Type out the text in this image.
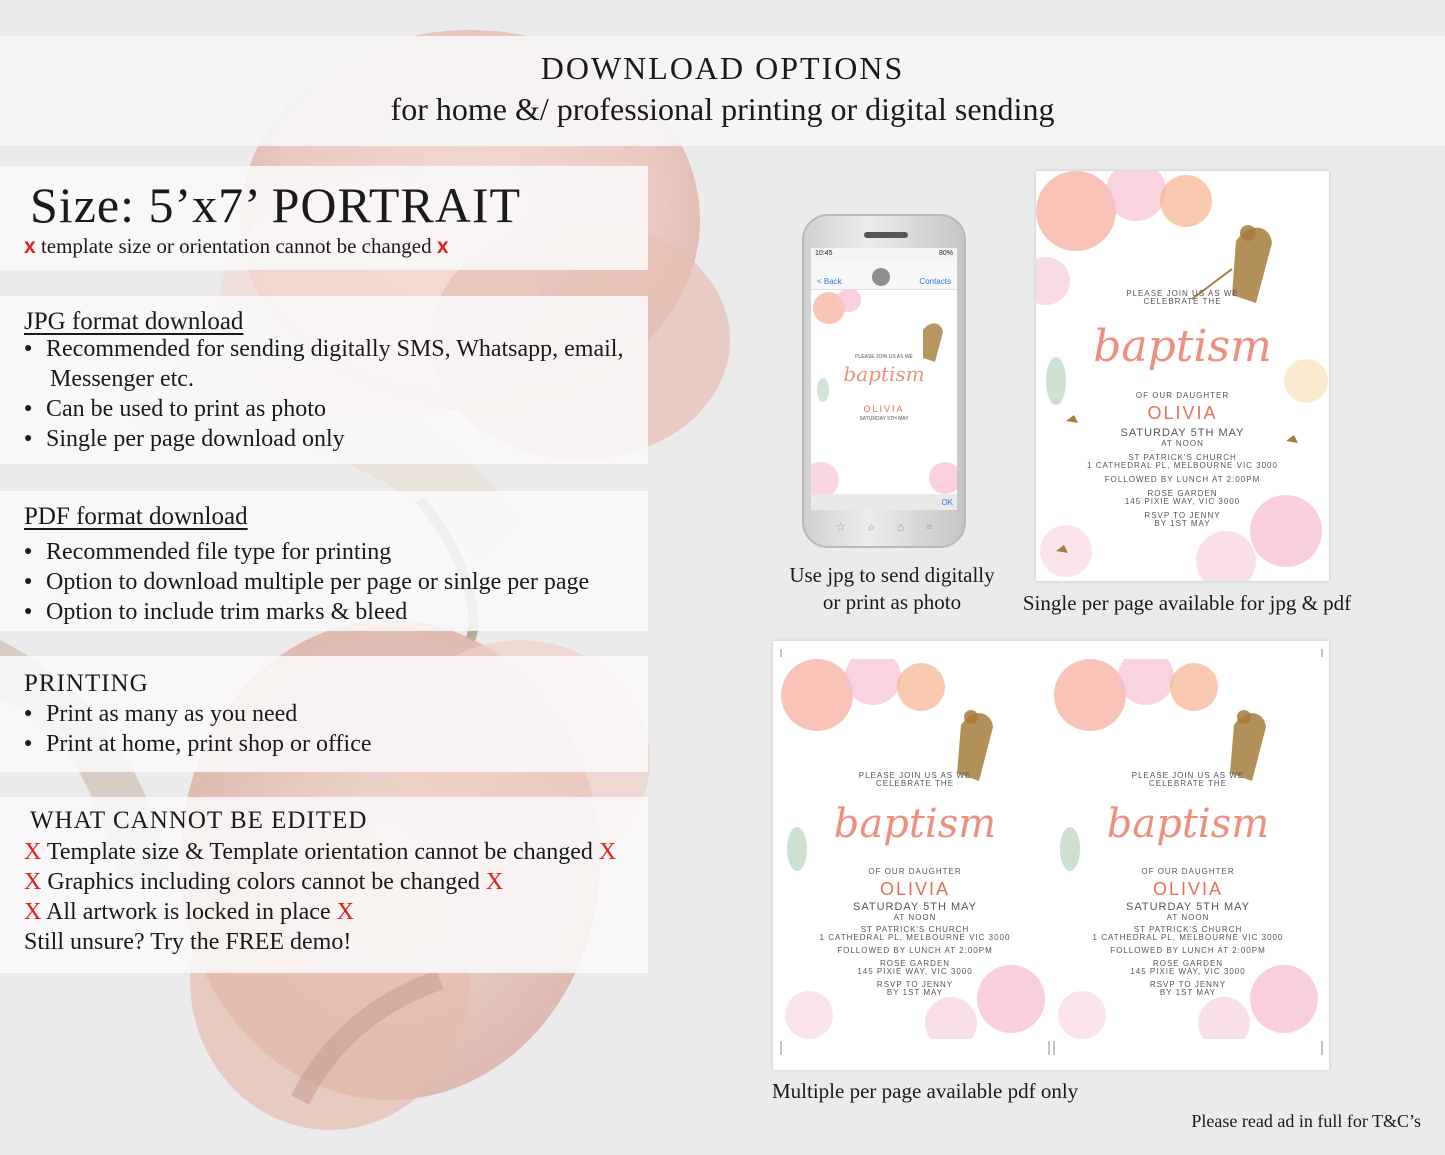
DOWNLOAD OPTIONS
for home &/ professional printing or digital sending
Size: 5’x7’ PORTRAIT
x template size or orientation cannot be changed x
JPG format download
● Recommended for sending digitally SMS, Whatsapp, email,
Messenger etc.
● Can be used to print as photo
● Single per page download only
PDF format download
● Recommended file type for printing
● Option to download multiple per page or sinlge per page
● Option to include trim marks & bleed
PRINTING
● Print as many as you need
● Print at home, print shop or office
WHAT CANNOT BE EDITED
X Template size & Template orientation cannot be changed X
X Graphics including colors cannot be changed X
X All artwork is locked in place X
Still unsure? Try the FREE demo!
10:45	80%
< Back	Contacts
PLEASE JOIN US AS WE
baptism
OLIVIA
SATURDAY 5TH MAY
OK
☆ ⌕ ⌂ ≡
PLEASE JOIN US AS WE
CELEBRATE THE
baptism
OF OUR DAUGHTER
OLIVIA
SATURDAY 5TH MAY
AT NOON
ST PATRICK'S CHURCH
1 CATHEDRAL PL, MELBOURNE VIC 3000
FOLLOWED BY LUNCH AT 2:00PM
ROSE GARDEN
145 PIXIE WAY, VIC 3000
RSVP TO JENNY
BY 1ST MAY
PLEASE JOIN US AS WE
CELEBRATE THE
baptism
OF OUR DAUGHTER
OLIVIA
SATURDAY 5TH MAY
AT NOON
ST PATRICK'S CHURCH
1 CATHEDRAL PL, MELBOURNE VIC 3000
FOLLOWED BY LUNCH AT 2:00PM
ROSE GARDEN
145 PIXIE WAY, VIC 3000
RSVP TO JENNY
BY 1ST MAY
PLEASE JOIN US AS WE
CELEBRATE THE
baptism
OF OUR DAUGHTER
OLIVIA
SATURDAY 5TH MAY
AT NOON
ST PATRICK'S CHURCH
1 CATHEDRAL PL, MELBOURNE VIC 3000
FOLLOWED BY LUNCH AT 2:00PM
ROSE GARDEN
145 PIXIE WAY, VIC 3000
RSVP TO JENNY
BY 1ST MAY
Use jpg to send digitally
or print as photo	Single per page available for jpg & pdf
Multiple per page available pdf only
Please read ad in full for T&C’s
